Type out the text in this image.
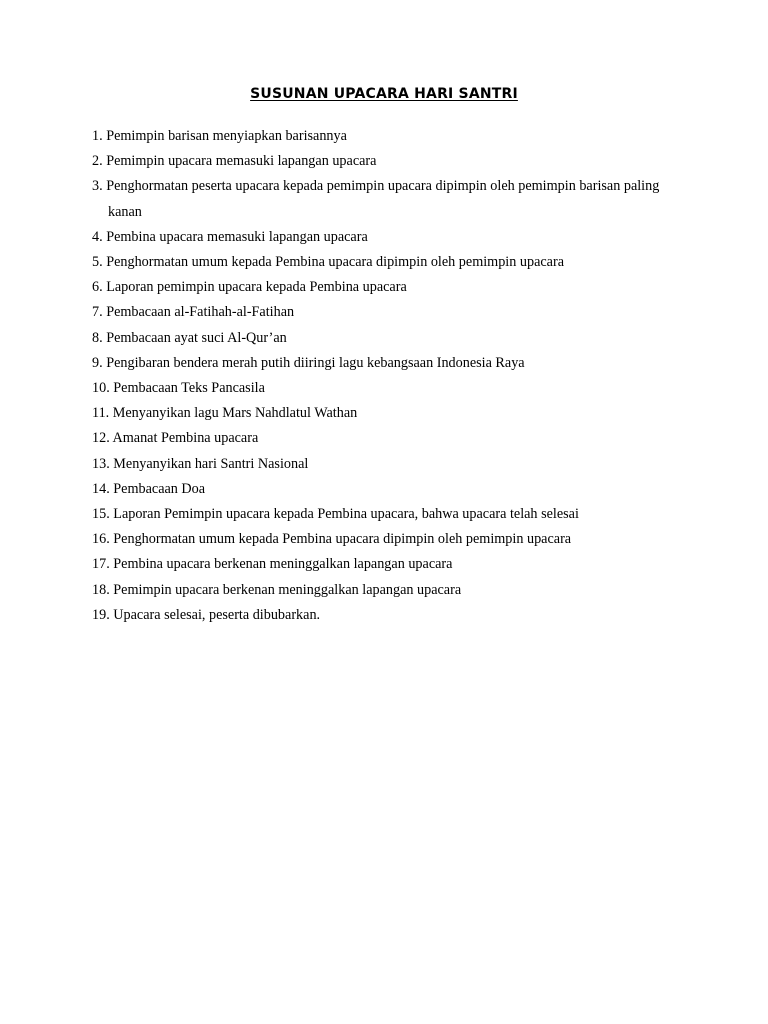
SUSUNAN UPACARA HARI SANTRI
1. Pemimpin barisan menyiapkan barisannya
2. Pemimpin upacara memasuki lapangan upacara
3. Penghormatan peserta upacara kepada pemimpin upacara dipimpin oleh pemimpin barisan paling kanan
4. Pembina upacara memasuki lapangan upacara
5. Penghormatan umum kepada Pembina upacara dipimpin oleh pemimpin upacara
6. Laporan pemimpin upacara kepada Pembina upacara
7. Pembacaan al-Fatihah-al-Fatihan
8. Pembacaan ayat suci Al-Qur’an
9. Pengibaran bendera merah putih diiringi lagu kebangsaan Indonesia Raya
10. Pembacaan Teks Pancasila
11. Menyanyikan lagu Mars Nahdlatul Wathan
12. Amanat Pembina upacara
13. Menyanyikan hari Santri Nasional
14. Pembacaan Doa
15. Laporan Pemimpin upacara kepada Pembina upacara, bahwa upacara telah selesai
16. Penghormatan umum kepada Pembina upacara dipimpin oleh pemimpin upacara
17. Pembina upacara berkenan meninggalkan lapangan upacara
18. Pemimpin upacara berkenan meninggalkan lapangan upacara
19. Upacara selesai, peserta dibubarkan.
